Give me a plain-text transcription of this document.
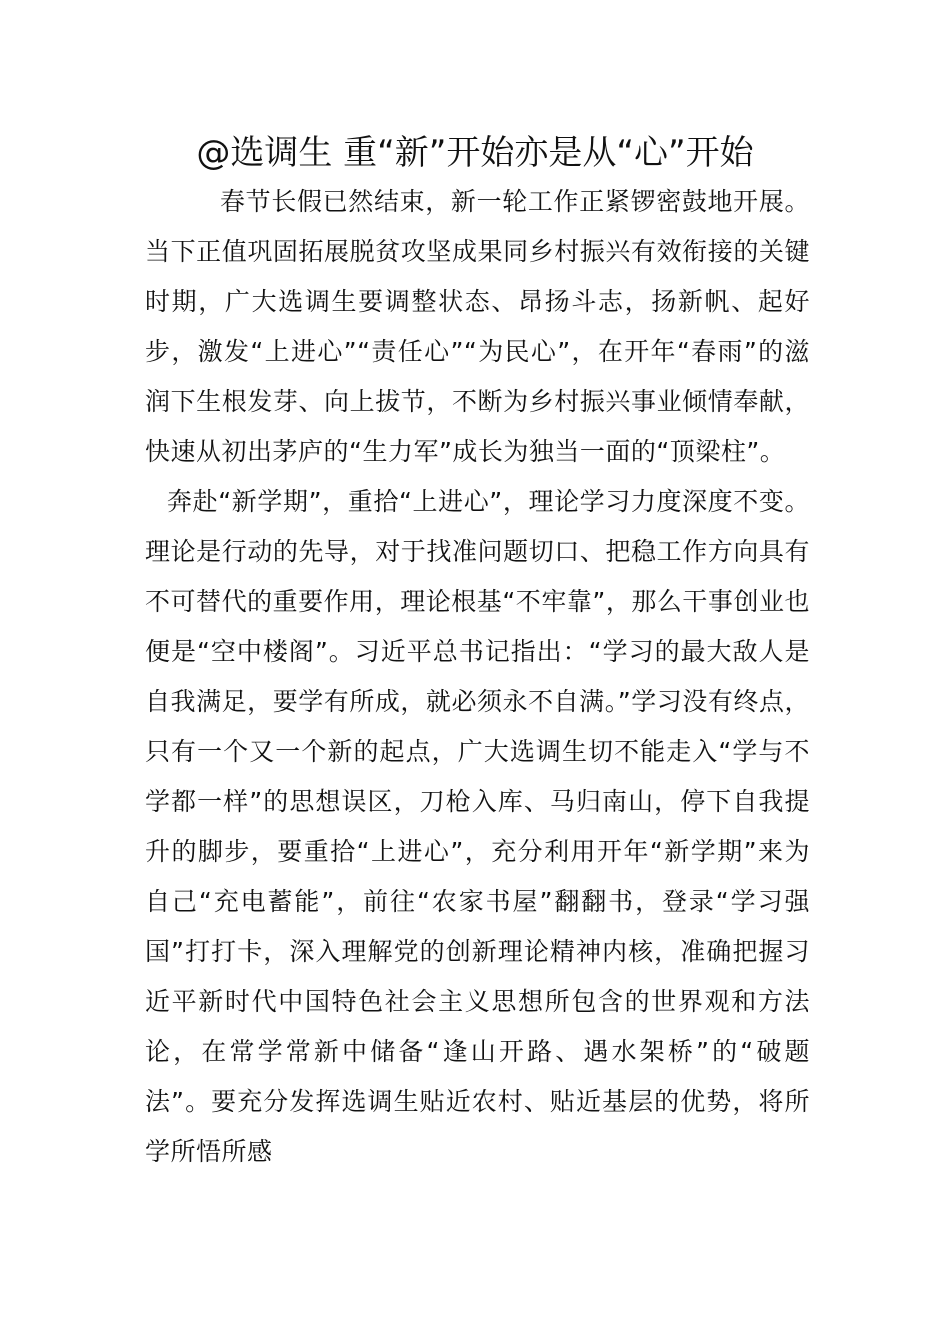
@选调生 重“新”开始亦是从“心”开始

春节长假已然结束，新一轮工作正紧锣密鼓地开展。当下正值巩固拓展脱贫攻坚成果同乡村振兴有效衔接的关键时期，广大选调生要调整状态、昂扬斗志，扬新帆、起好步，激发“上进心”“责任心”“为民心”，在开年“春雨”的滋润下生根发芽、向上拔节，不断为乡村振兴事业倾情奉献，快速从初出茅庐的“生力军”成长为独当一面的“顶梁柱”。

奔赴“新学期”，重拾“上进心”，理论学习力度深度不变。理论是行动的先导，对于找准问题切口、把稳工作方向具有不可替代的重要作用，理论根基“不牢靠”，那么干事创业也便是“空中楼阁”。习近平总书记指出：“学习的最大敌人是自我满足，要学有所成，就必须永不自满。”学习没有终点，只有一个又一个新的起点，广大选调生切不能走入“学与不学都一样”的思想误区，刀枪入库、马归南山，停下自我提升的脚步，要重拾“上进心”，充分利用开年“新学期”来为自己“充电蓄能”，前往“农家书屋”翻翻书，登录“学习强国”打打卡，深入理解党的创新理论精神内核，准确把握习近平新时代中国特色社会主义思想所包含的世界观和方法论，在常学常新中储备“逢山开路、遇水架桥”的“破题法”。要充分发挥选调生贴近农村、贴近基层的优势，将所学所悟所感
